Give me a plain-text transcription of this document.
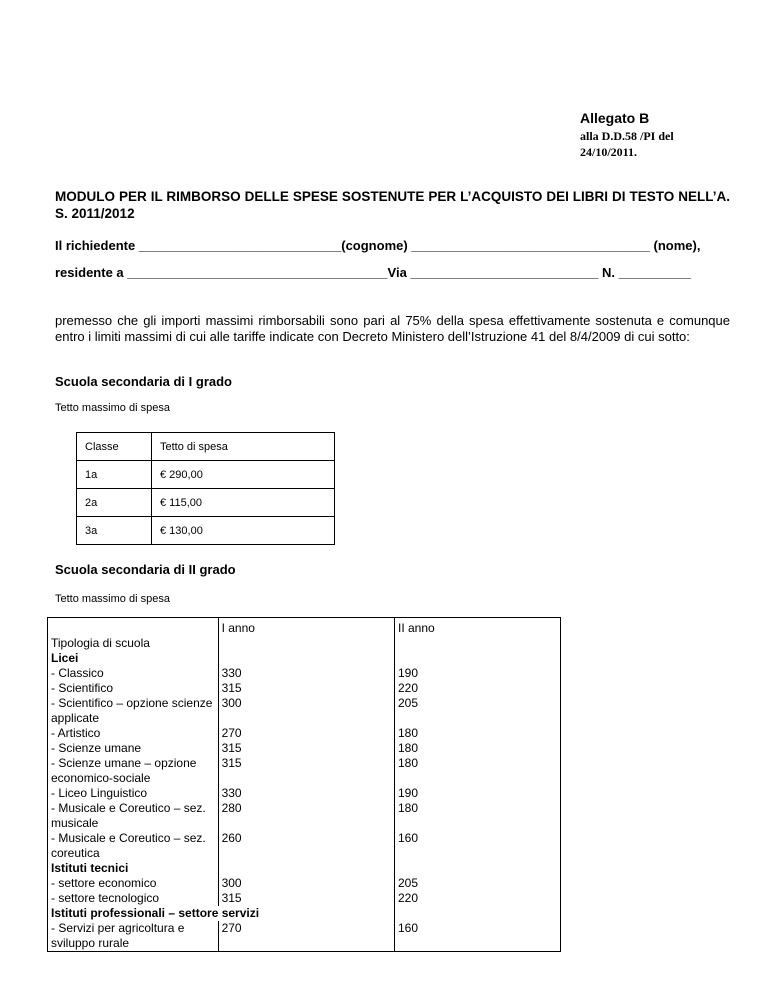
Allegato B
alla D.D.58 /PI del
24/10/2011.
MODULO PER IL RIMBORSO DELLE SPESE SOSTENUTE PER L’ACQUISTO DEI LIBRI DI TESTO NELL’A. S. 2011/2012
Il richiedente ____________________________(cognome) _________________________________ (nome),
residente a ____________________________________Via __________________________ N. __________
premesso che gli importi massimi rimborsabili sono pari al 75% della spesa effettivamente sostenuta e comunque entro i limiti massimi di cui alle tariffe indicate con Decreto Ministero dell’Istruzione 41 del 8/4/2009 di cui sotto:
Scuola secondaria di I grado
Tetto massimo di spesa
Classe	Tetto di spesa
1a	€ 290,00
2a	€ 115,00
3a	€ 130,00
Scuola secondaria di II grado
Tetto massimo di spesa
Tipologia di scuola	I anno	II anno
Licei		
- Classico	330	190
- Scientifico	315	220
- Scientifico – opzione scienze applicate	300	205
- Artistico	270	180
- Scienze umane	315	180
- Scienze umane – opzione economico-sociale	315	180
- Liceo Linguistico	330	190
- Musicale e Coreutico – sez. musicale	280	180
- Musicale e Coreutico – sez. coreutica	260	160
Istituti tecnici		
- settore economico	300	205
- settore tecnologico	315	220
Istituti professionali – settore servizi		
- Servizi per agricoltura e sviluppo rurale	270	160
